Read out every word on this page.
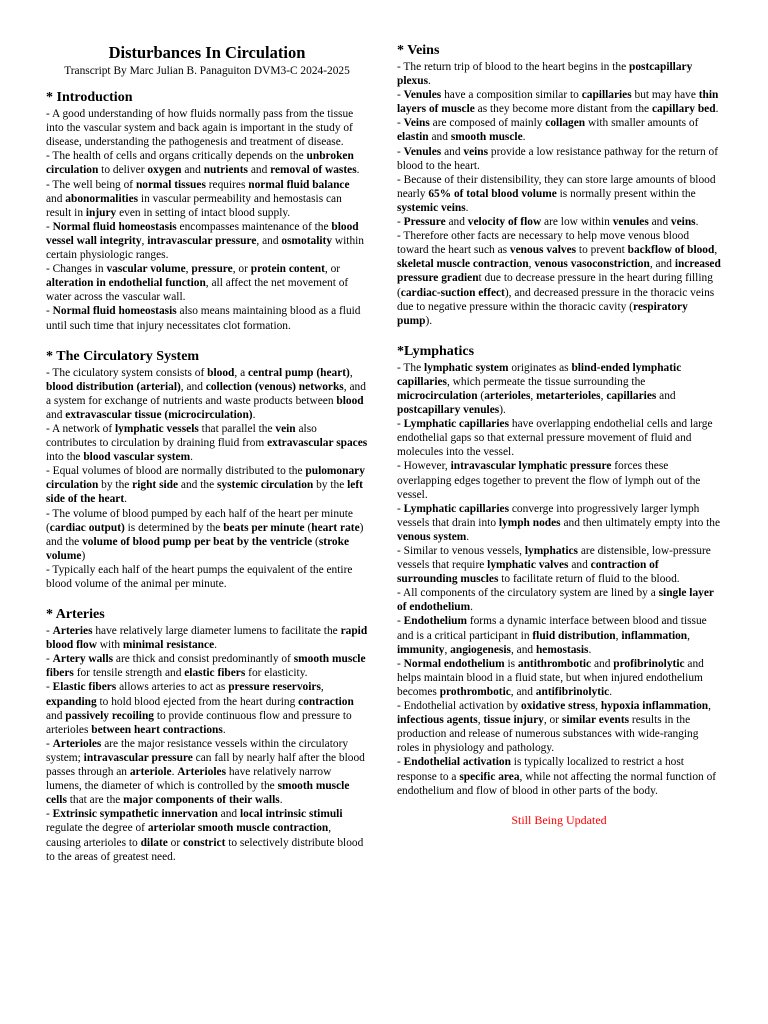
Disturbances In Circulation
Transcript By Marc Julian B. Panaguiton DVM3-C 2024-2025
* Introduction
- A good understanding of how fluids normally pass from the tissue into the vascular system and back again is important in the study of disease, understanding the pathogenesis and treatment of disease.
- The health of cells and organs critically depends on the unbroken circulation to deliver oxygen and nutrients and removal of wastes.
- The well being of normal tissues requires normal fluid balance and abonormalities in vascular permeability and hemostasis can result in injury even in setting of intact blood supply.
- Normal fluid homeostasis encompasses maintenance of the blood vessel wall integrity, intravascular pressure, and osmotality within certain physiologic ranges.
- Changes in vascular volume, pressure, or protein content, or alteration in endothelial function, all affect the net movement of water across the vascular wall.
- Normal fluid homeostasis also means maintaining blood as a fluid until such time that injury necessitates clot formation.
* The Circulatory System
- The ciculatory system consists of blood, a central pump (heart), blood distribution (arterial), and collection (venous) networks, and a system for exchange of nutrients and waste products between blood and extravascular tissue (microcirculation).
- A network of lymphatic vessels that parallel the vein also contributes to circulation by draining fluid from extravascular spaces into the blood vascular system.
- Equal volumes of blood are normally distributed to the pulomonary circulation by the right side and the systemic circulation by the left side of the heart.
- The volume of blood pumped by each half of the heart per minute (cardiac output) is determined by the beats per minute (heart rate) and the volume of blood pump per beat by the ventricle (stroke volume)
- Typically each half of the heart pumps the equivalent of the entire blood volume of the animal per minute.
* Arteries
- Arteries have relatively large diameter lumens to facilitate the rapid blood flow with minimal resistance.
- Artery walls are thick and consist predominantly of smooth muscle fibers for tensile strength and elastic fibers for elasticity.
- Elastic fibers allows arteries to act as pressure reservoirs, expanding to hold blood ejected from the heart during contraction and passively recoiling to provide continuous flow and pressure to arterioles between heart contractions.
- Arterioles are the major resistance vessels within the circulatory system; intravascular pressure can fall by nearly half after the blood passes through an arteriole. Arterioles have relatively narrow lumens, the diameter of which is controlled by the smooth muscle cells that are the major components of their walls.
- Extrinsic sympathetic innervation and local intrinsic stimuli regulate the degree of arteriolar smooth muscle contraction, causing arterioles to dilate or constrict to selectively distribute blood to the areas of greatest need.
* Veins
- The return trip of blood to the heart begins in the postcapillary plexus.
- Venules have a composition similar to capillaries but may have thin layers of muscle as they become more distant from the capillary bed.
- Veins are composed of mainly collagen with smaller amounts of elastin and smooth muscle.
- Venules and veins provide a low resistance pathway for the return of blood to the heart.
- Because of their distensibility, they can store large amounts of blood nearly 65% of total blood volume is normally present within the systemic veins.
- Pressure and velocity of flow are low within venules and veins.
- Therefore other facts are necessary to help move venous blood toward the heart such as venous valves to prevent backflow of blood, skeletal muscle contraction, venous vasoconstriction, and increased pressure gradient due to decrease pressure in the heart during filling (cardiac-suction effect), and decreased pressure in the thoracic veins due to negative pressure within the thoracic cavity (respiratory pump).
*Lymphatics
- The lymphatic system originates as blind-ended lymphatic capillaries, which permeate the tissue surrounding the microcirculation (arterioles, metarterioles, capillaries and postcapillary venules).
- Lymphatic capillaries have overlapping endothelial cells and large endothelial gaps so that external pressure movement of fluid and molecules into the vessel.
- However, intravascular lymphatic pressure forces these overlapping edges together to prevent the flow of lymph out of the vessel.
- Lymphatic capillaries converge into progressively larger lymph vessels that drain into lymph nodes and then ultimately empty into the venous system.
- Similar to venous vessels, lymphatics are distensible, low-pressure vessels that require lymphatic valves and contraction of surrounding muscles to facilitate return of fluid to the blood.
- All components of the circulatory system are lined by a single layer of endothelium.
- Endothelium forms a dynamic interface between blood and tissue and is a critical participant in fluid distribution, inflammation, immunity, angiogenesis, and hemostasis.
- Normal endothelium is antithrombotic and profibrinolytic and helps maintain blood in a fluid state, but when injured endothelium becomes prothrombotic, and antifibrinolytic.
- Endothelial activation by oxidative stress, hypoxia inflammation, infectious agents, tissue injury, or similar events results in the production and release of numerous substances with wide-ranging roles in physiology and pathology.
- Endothelial activation is typically localized to restrict a host response to a specific area, while not affecting the normal function of endothelium and flow of blood in other parts of the body.
Still Being Updated
